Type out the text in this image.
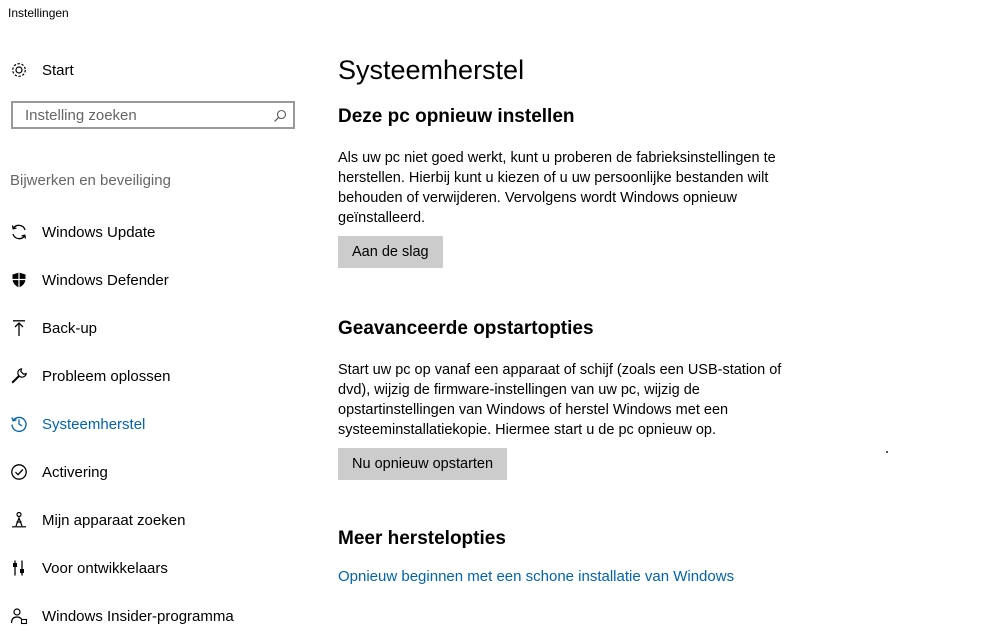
Instellingen
Start
Instelling zoeken
Bijwerken en beveiliging
Windows Update
Windows Defender
Back-up
Probleem oplossen
Systeemherstel
Activering
Mijn apparaat zoeken
Voor ontwikkelaars
Windows Insider-programma
Systeemherstel
Deze pc opnieuw instellen

Als uw pc niet goed werkt, kunt u proberen de fabrieksinstellingen te herstellen. Hierbij kunt u kiezen of u uw persoonlijke bestanden wilt behouden of verwijderen. Vervolgens wordt Windows opnieuw geïnstalleerd.

Aan de slag
Geavanceerde opstartopties

Start uw pc op vanaf een apparaat of schijf (zoals een USB-station of dvd), wijzig de firmware-instellingen van uw pc, wijzig de opstartinstellingen van Windows of herstel Windows met een systeeminstallatiekopie. Hiermee start u de pc opnieuw op.

Nu opnieuw opstarten
Meer herstelopties
Opnieuw beginnen met een schone installatie van Windows
